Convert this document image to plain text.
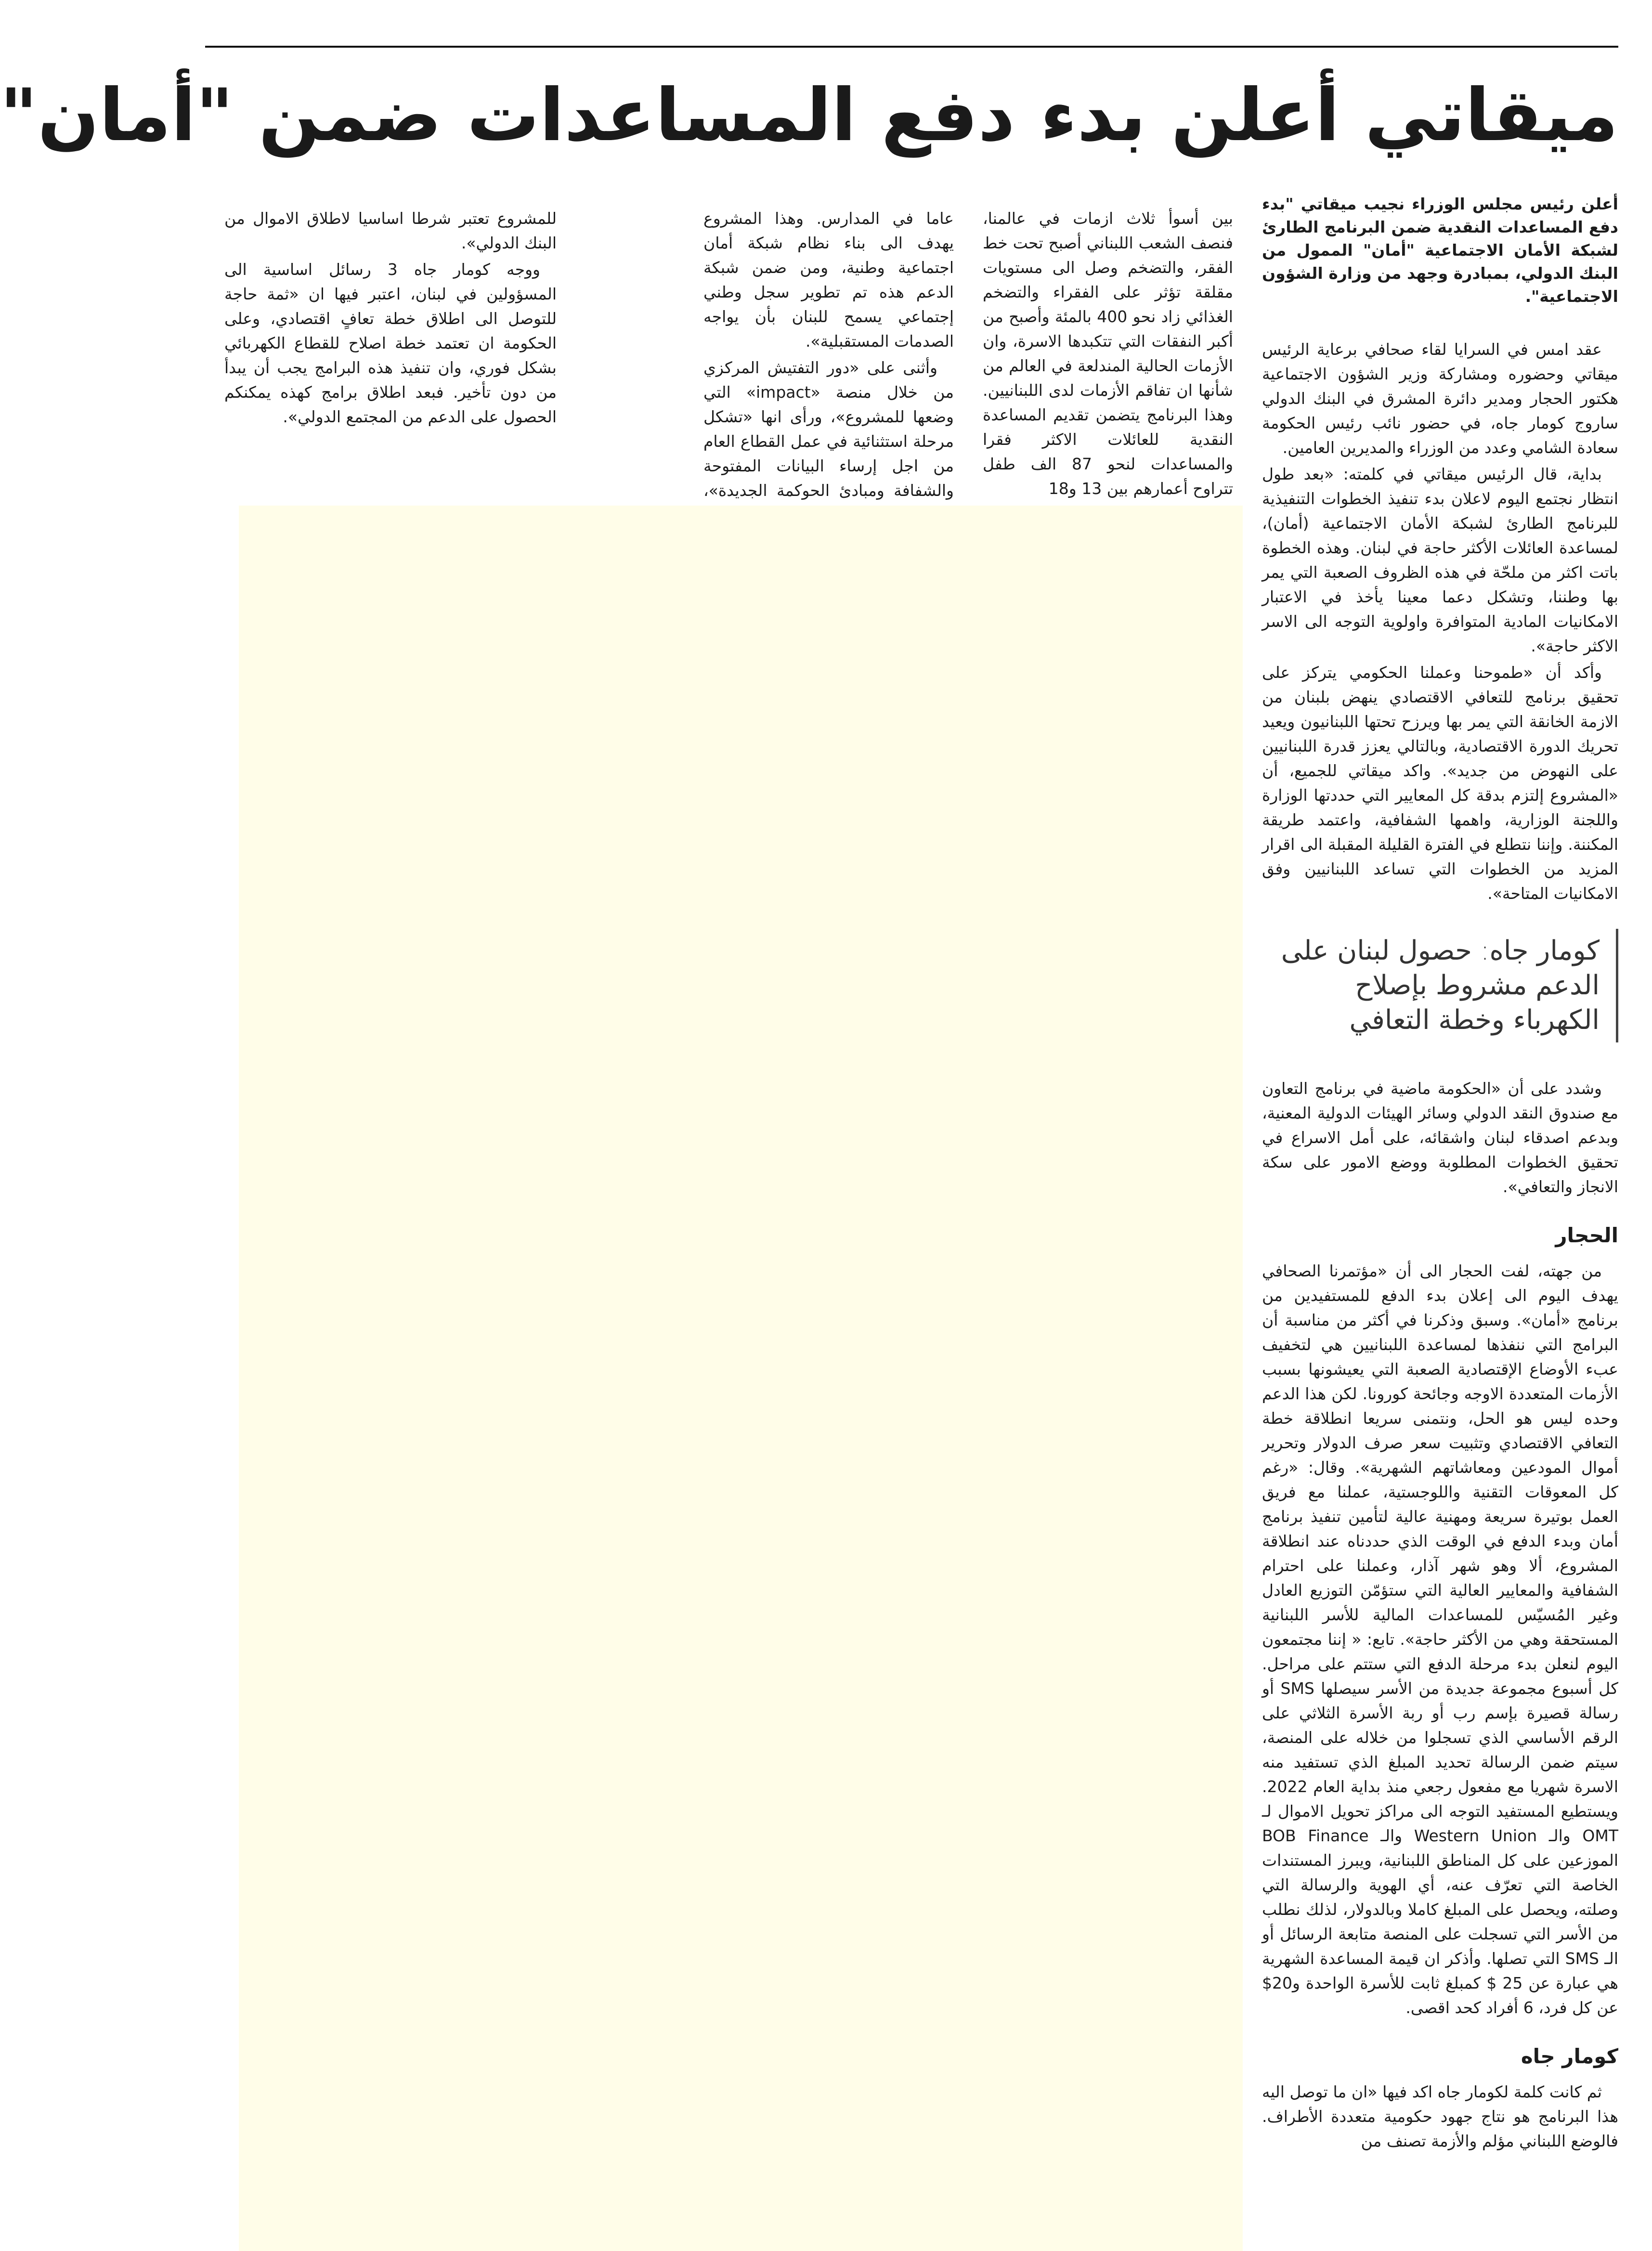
ميقاتي أعلن بدء دفع المساعدات ضمن "أمان"
أعلن رئيس مجلس الوزراء نجيب ميقاتي "بدء دفع المساعدات النقدية ضمن البرنامج الطارئ لشبكة الأمان الاجتماعية "أمان" الممول من البنك الدولي، بمبادرة وجهد من وزارة الشؤون الاجتماعية".

عقد امس في السرايا لقاء صحافي برعاية الرئيس ميقاتي وحضوره ومشاركة وزير الشؤون الاجتماعية هكتور الحجار ومدير دائرة المشرق في البنك الدولي ساروج كومار جاه، في حضور نائب رئيس الحكومة سعادة الشامي وعدد من الوزراء والمديرين العامين.

بداية، قال الرئيس ميقاتي في كلمته: «بعد طول انتظار نجتمع اليوم لاعلان بدء تنفيذ الخطوات التنفيذية للبرنامج الطارئ لشبكة الأمان الاجتماعية (أمان)، لمساعدة العائلات الأكثر حاجة في لبنان. وهذه الخطوة باتت اكثر من ملحّة في هذه الظروف الصعبة التي يمر بها وطننا، وتشكل دعما معينا يأخذ في الاعتبار الامكانيات المادية المتوافرة واولوية التوجه الى الاسر الاكثر حاجة».

وأكد أن «طموحنا وعملنا الحكومي يتركز على تحقيق برنامج للتعافي الاقتصادي ينهض بلبنان من الازمة الخانقة التي يمر بها ويرزح تحتها اللبنانيون ويعيد تحريك الدورة الاقتصادية، وبالتالي يعزز قدرة اللبنانيين على النهوض من جديد». واكد ميقاتي للجميع، أن «المشروع إلتزم بدقة كل المعايير التي حددتها الوزارة واللجنة الوزارية، واهمها الشفافية، واعتمد طريقة المكننة. وإننا نتطلع في الفترة القليلة المقبلة الى اقرار المزيد من الخطوات التي تساعد اللبنانيين وفق الامكانيات المتاحة».

كومار جاه: حصول لبنان على الدعم مشروط بإصلاح الكهرباء وخطة التعافي

وشدد على أن «الحكومة ماضية في برنامج التعاون مع صندوق النقد الدولي وسائر الهيئات الدولية المعنية، وبدعم اصدقاء لبنان واشقائه، على أمل الاسراع في تحقيق الخطوات المطلوبة ووضع الامور على سكة الانجاز والتعافي».

الحجار

من جهته، لفت الحجار الى أن «مؤتمرنا الصحافي يهدف اليوم الى إعلان بدء الدفع للمستفيدين من برنامج «أمان». وسبق وذكرنا في أكثر من مناسبة أن البرامج التي ننفذها لمساعدة اللبنانيين هي لتخفيف عبء الأوضاع الإقتصادية الصعبة التي يعيشونها بسبب الأزمات المتعددة الاوجه وجائحة كورونا. لكن هذا الدعم وحده ليس هو الحل، ونتمنى سريعا انطلاقة خطة التعافي الاقتصادي وتثبيت سعر صرف الدولار وتحرير أموال المودعين ومعاشاتهم الشهرية». وقال: «رغم كل المعوقات التقنية واللوجستية، عملنا مع فريق العمل بوتيرة سريعة ومهنية عالية لتأمين تنفيذ برنامج أمان وبدء الدفع في الوقت الذي حددناه عند انطلاقة المشروع، ألا وهو شهر آذار، وعملنا على احترام الشفافية والمعايير العالية التي ستؤمّن التوزيع العادل وغير المُسيّس للمساعدات المالية للأسر اللبنانية المستحقة وهي من الأكثر حاجة». تابع: « إننا مجتمعون اليوم لنعلن بدء مرحلة الدفع التي ستتم على مراحل. كل أسبوع مجموعة جديدة من الأسر سيصلها SMS أو رسالة قصيرة بإسم رب أو ربة الأسرة الثلاثي على الرقم الأساسي الذي تسجلوا من خلاله على المنصة، سيتم ضمن الرسالة تحديد المبلغ الذي تستفيد منه الاسرة شهريا مع مفعول رجعي منذ بداية العام 2022. ويستطيع المستفيد التوجه الى مراكز تحويل الاموال لـ OMT والـ Western Union والـ BOB Finance الموزعين على كل المناطق اللبنانية، ويبرز المستندات الخاصة التي تعرّف عنه، أي الهوية والرسالة التي وصلته، ويحصل على المبلغ كاملا وبالدولار، لذلك نطلب من الأسر التي تسجلت على المنصة متابعة الرسائل أو الـ SMS التي تصلها. وأذكر ان قيمة المساعدة الشهرية هي عبارة عن 25 $ كمبلغ ثابت للأسرة الواحدة و20$ عن كل فرد، 6 أفراد كحد اقصى.

كومار جاه

ثم كانت كلمة لكومار جاه اكد فيها «ان ما توصل اليه هذا البرنامج هو نتاج جهود حكومية متعددة الأطراف. فالوضع اللبناني مؤلم والأزمة تصنف من

بين أسوأ ثلاث ازمات في عالمنا، فنصف الشعب اللبناني أصبح تحت خط الفقر، والتضخم وصل الى مستويات مقلقة تؤثر على الفقراء والتضخم الغذائي زاد نحو 400 بالمئة وأصبح من أكبر النفقات التي تتكبدها الاسرة، وان الأزمات الحالية المندلعة في العالم من شأنها ان تفاقم الأزمات لدى اللبنانيين. وهذا البرنامج يتضمن تقديم المساعدة النقدية للعائلات الاكثر فقرا والمساعدات لنحو 87 الف طفل تتراوح أعمارهم بين 13 و18

عاما في المدارس. وهذا المشروع يهدف الى بناء نظام شبكة أمان اجتماعية وطنية، ومن ضمن شبكة الدعم هذه تم تطوير سجل وطني إجتماعي يسمح للبنان بأن يواجه الصدمات المستقبلية».

وأثنى على «دور التفتيش المركزي من خلال منصة «impact» التي وضعها للمشروع»، ورأى انها «تشكل مرحلة استثنائية في عمل القطاع العام من اجل إرساء البيانات المفتوحة والشفافة ومبادئ الحوكمة الجديدة»،

للمشروع تعتبر شرطا اساسيا لاطلاق الاموال من البنك الدولي».

ووجه كومار جاه 3 رسائل اساسية الى المسؤولين في لبنان، اعتبر فيها ان «ثمة حاجة للتوصل الى اطلاق خطة تعافٍ اقتصادي، وعلى الحكومة ان تعتمد خطة اصلاح للقطاع الكهربائي بشكل فوري، وان تنفيذ هذه البرامج يجب أن يبدأ من دون تأخير. فبعد اطلاق برامج كهذه يمكنكم الحصول على الدعم من المجتمع الدولي».
